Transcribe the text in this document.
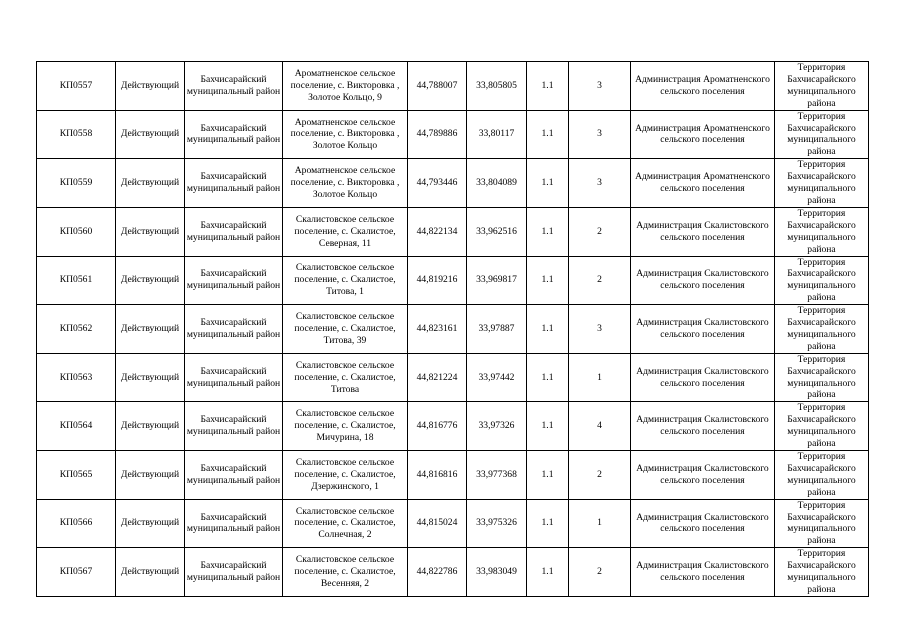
КП0557	Действующий	Бахчисарайский
муниципальный район	Ароматненское сельское
поселение, с. Викторовка ,
Золотое Кольцо, 9	44,788007	33,805805	1.1	3	Администрация Ароматненского
сельского поселения	Территория
Бахчисарайского
муниципального
района

КП0558	Действующий	Бахчисарайский
муниципальный район	Ароматненское сельское
поселение, с. Викторовка ,
Золотое Кольцо	44,789886	33,80117	1.1	3	Администрация Ароматненского
сельского поселения	Территория
Бахчисарайского
муниципального
района

КП0559	Действующий	Бахчисарайский
муниципальный район	Ароматненское сельское
поселение, с. Викторовка ,
Золотое Кольцо	44,793446	33,804089	1.1	3	Администрация Ароматненского
сельского поселения	Территория
Бахчисарайского
муниципального
района

КП0560	Действующий	Бахчисарайский
муниципальный район	Скалистовское сельское
поселение, с. Скалистое,
Северная, 11	44,822134	33,962516	1.1	2	Администрация Скалистовского
сельского поселения	Территория
Бахчисарайского
муниципального
района

КП0561	Действующий	Бахчисарайский
муниципальный район	Скалистовское сельское
поселение, с. Скалистое,
Титова, 1	44,819216	33,969817	1.1	2	Администрация Скалистовского
сельского поселения	Территория
Бахчисарайского
муниципального
района

КП0562	Действующий	Бахчисарайский
муниципальный район	Скалистовское сельское
поселение, с. Скалистое,
Титова, 39	44,823161	33,97887	1.1	3	Администрация Скалистовского
сельского поселения	Территория
Бахчисарайского
муниципального
района

КП0563	Действующий	Бахчисарайский
муниципальный район	Скалистовское сельское
поселение, с. Скалистое,
Титова	44,821224	33,97442	1.1	1	Администрация Скалистовского
сельского поселения	Территория
Бахчисарайского
муниципального
района

КП0564	Действующий	Бахчисарайский
муниципальный район	Скалистовское сельское
поселение, с. Скалистое,
Мичурина, 18	44,816776	33,97326	1.1	4	Администрация Скалистовского
сельского поселения	Территория
Бахчисарайского
муниципального
района

КП0565	Действующий	Бахчисарайский
муниципальный район	Скалистовское сельское
поселение, с. Скалистое,
Дзержинского, 1	44,816816	33,977368	1.1	2	Администрация Скалистовского
сельского поселения	Территория
Бахчисарайского
муниципального
района

КП0566	Действующий	Бахчисарайский
муниципальный район	Скалистовское сельское
поселение, с. Скалистое,
Солнечная, 2	44,815024	33,975326	1.1	1	Администрация Скалистовского
сельского поселения	Территория
Бахчисарайского
муниципального
района

КП0567	Действующий	Бахчисарайский
муниципальный район	Скалистовское сельское
поселение, с. Скалистое,
Весенняя, 2	44,822786	33,983049	1.1	2	Администрация Скалистовского
сельского поселения	Территория
Бахчисарайского
муниципального
района
